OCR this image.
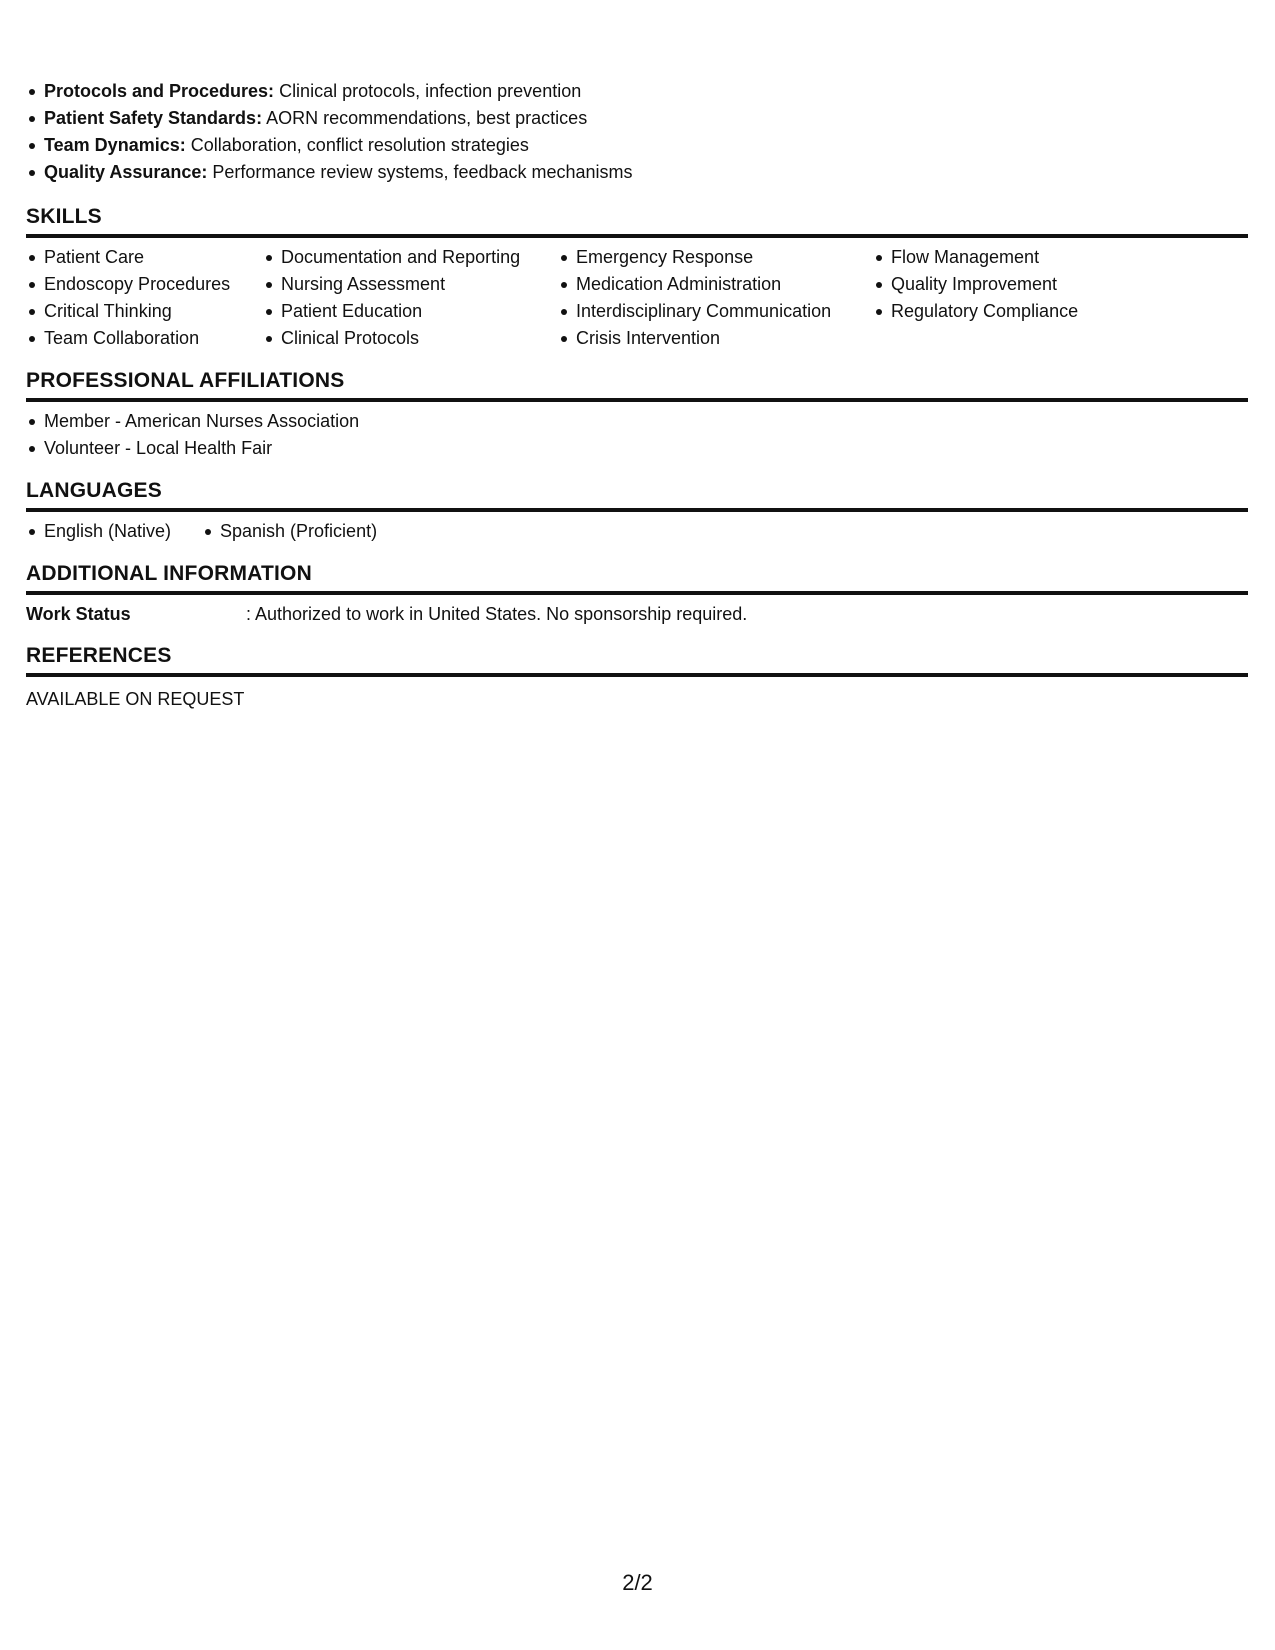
Protocols and Procedures: Clinical protocols, infection prevention
Patient Safety Standards: AORN recommendations, best practices
Team Dynamics: Collaboration, conflict resolution strategies
Quality Assurance: Performance review systems, feedback mechanisms
SKILLS
Patient Care
Endoscopy Procedures
Critical Thinking
Team Collaboration
Documentation and Reporting
Nursing Assessment
Patient Education
Clinical Protocols
Emergency Response
Medication Administration
Interdisciplinary Communication
Crisis Intervention
Flow Management
Quality Improvement
Regulatory Compliance
PROFESSIONAL AFFILIATIONS
Member - American Nurses Association
Volunteer - Local Health Fair
LANGUAGES
English (Native)	Spanish (Proficient)
ADDITIONAL INFORMATION
Work Status	: Authorized to work in United States. No sponsorship required.
REFERENCES
AVAILABLE ON REQUEST
2/2
